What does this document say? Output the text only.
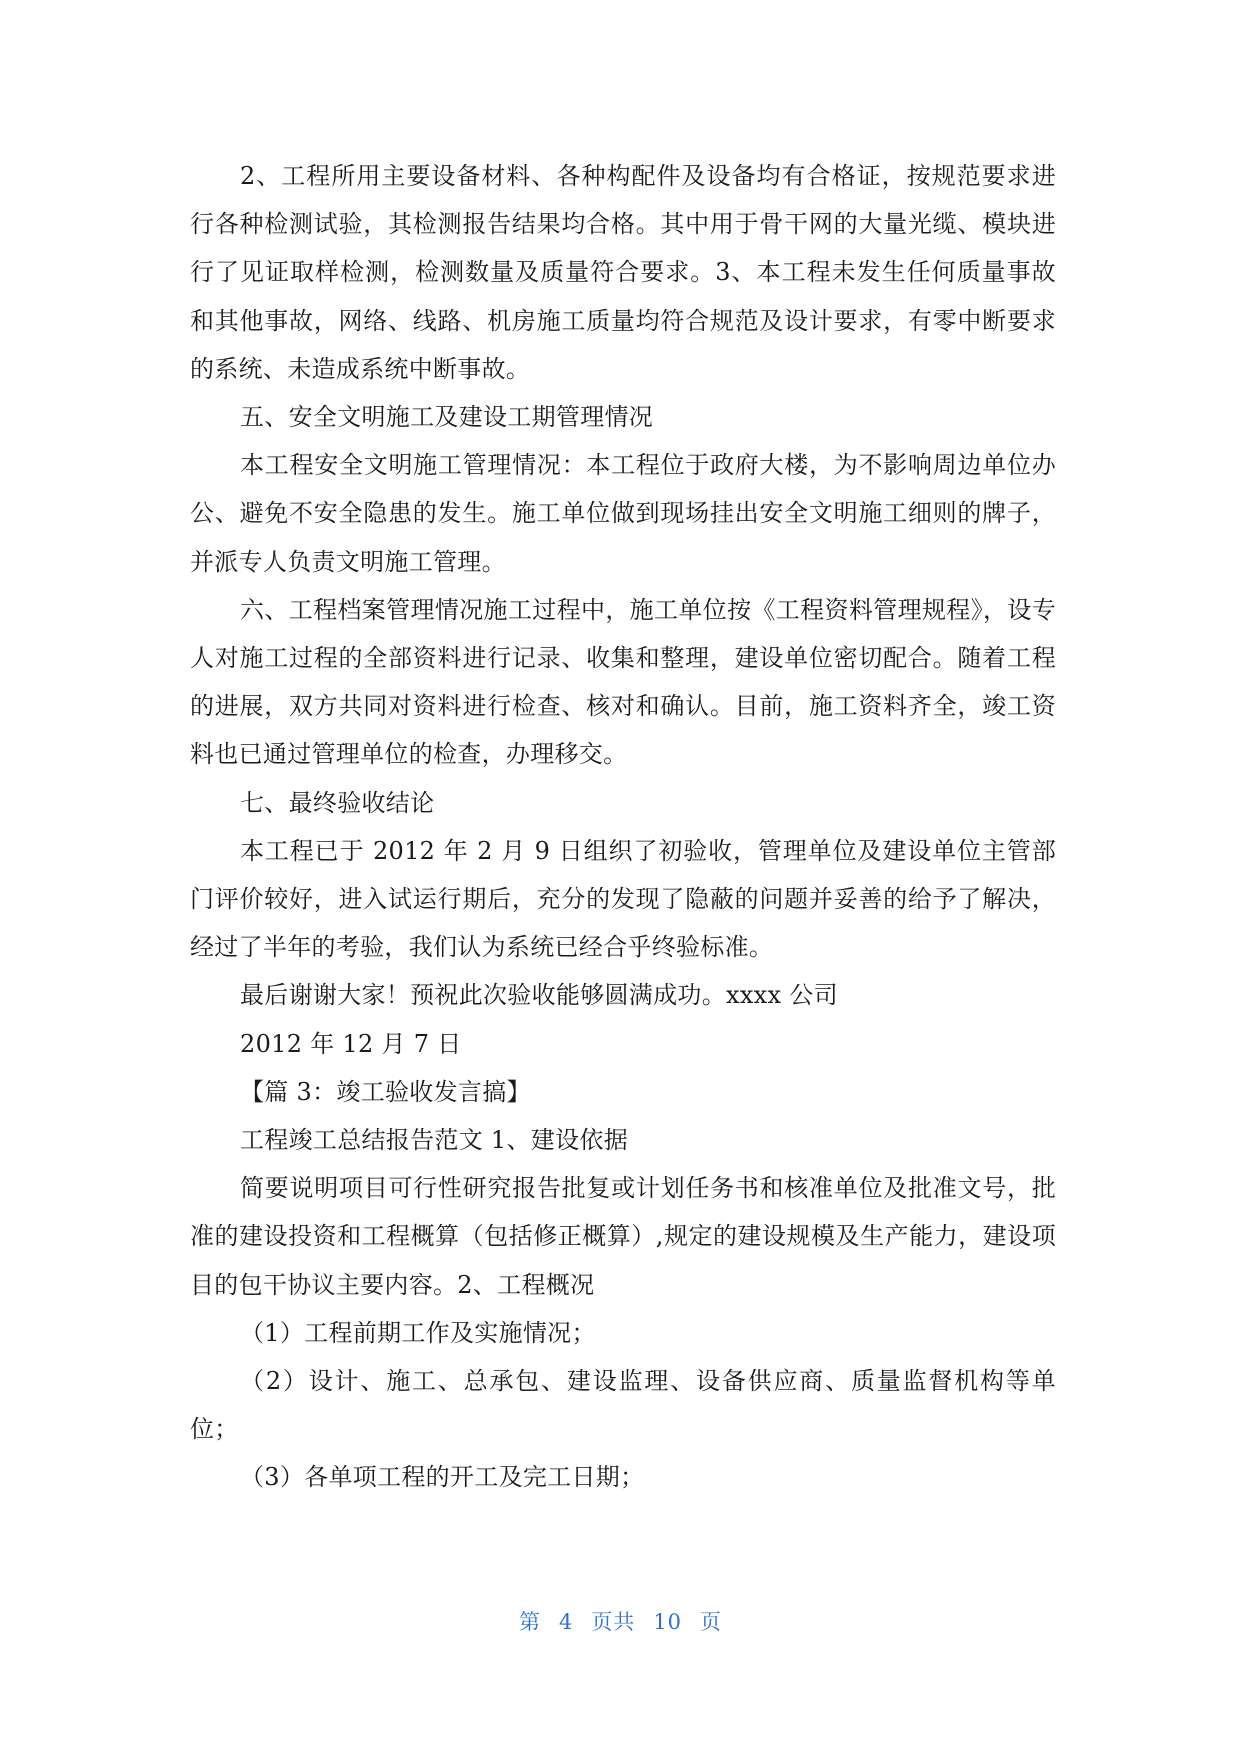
2、工程所用主要设备材料、各种构配件及设备均有合格证，按规范要求进行各种检测试验，其检测报告结果均合格。其中用于骨干网的大量光缆、模块进行了见证取样检测，检测数量及质量符合要求。3、本工程未发生任何质量事故和其他事故，网络、线路、机房施工质量均符合规范及设计要求，有零中断要求的系统、未造成系统中断事故。

五、安全文明施工及建设工期管理情况

本工程安全文明施工管理情况：本工程位于政府大楼，为不影响周边单位办公、避免不安全隐患的发生。施工单位做到现场挂出安全文明施工细则的牌子，并派专人负责文明施工管理。

六、工程档案管理情况施工过程中，施工单位按《工程资料管理规程》，设专人对施工过程的全部资料进行记录、收集和整理，建设单位密切配合。随着工程的进展，双方共同对资料进行检查、核对和确认。目前，施工资料齐全，竣工资料也已通过管理单位的检查，办理移交。

七、最终验收结论

本工程已于 2012 年 2 月 9 日组织了初验收，管理单位及建设单位主管部门评价较好，进入试运行期后，充分的发现了隐蔽的问题并妥善的给予了解决，经过了半年的考验，我们认为系统已经合乎终验标准。

最后谢谢大家！预祝此次验收能够圆满成功。xxxx 公司

2012 年 12 月 7 日

【篇 3：竣工验收发言搞】

工程竣工总结报告范文 1、建设依据

简要说明项目可行性研究报告批复或计划任务书和核准单位及批准文号，批准的建设投资和工程概算（包括修正概算）,规定的建设规模及生产能力，建设项目的包干协议主要内容。2、工程概况

（1）工程前期工作及实施情况；

（2）设计、施工、总承包、建设监理、设备供应商、质量监督机构等单位；

（3）各单项工程的开工及完工日期；

第 4 页共 10 页
